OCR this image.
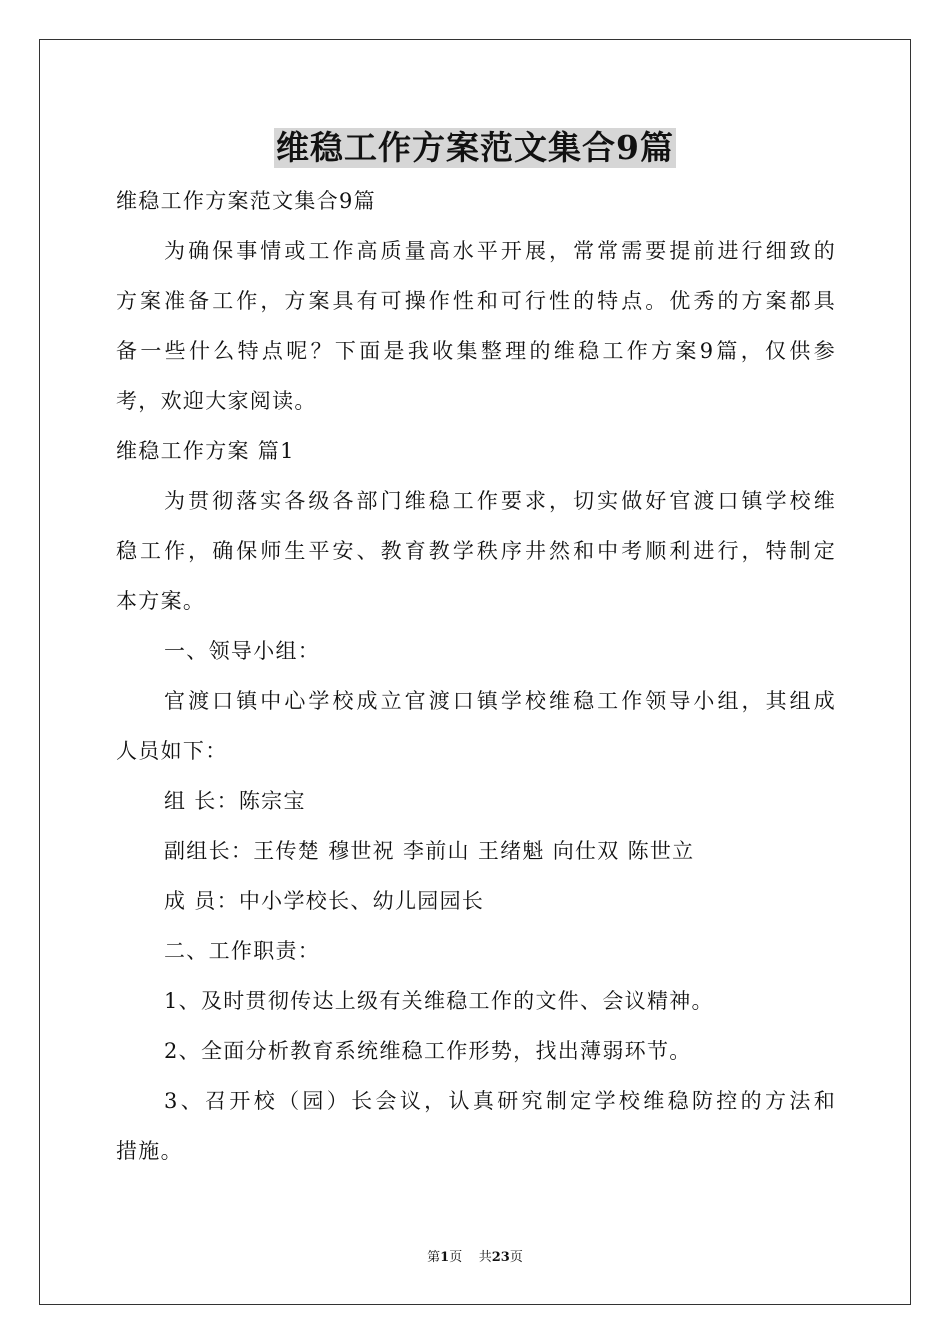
维稳工作方案范文集合9篇
维稳工作方案范文集合9篇
为确保事情或工作高质量高水平开展，常常需要提前进行细致的
方案准备工作，方案具有可操作性和可行性的特点。优秀的方案都具
备一些什么特点呢？下面是我收集整理的维稳工作方案9篇，仅供参
考，欢迎大家阅读。
维稳工作方案 篇1
为贯彻落实各级各部门维稳工作要求，切实做好官渡口镇学校维
稳工作，确保师生平安、教育教学秩序井然和中考顺利进行，特制定
本方案。
一、领导小组：
官渡口镇中心学校成立官渡口镇学校维稳工作领导小组，其组成
人员如下：
组 长：陈宗宝
副组长：王传楚 穆世祝 李前山 王绪魁 向仕双 陈世立
成 员：中小学校长、幼儿园园长
二、工作职责：
1、及时贯彻传达上级有关维稳工作的文件、会议精神。
2、全面分析教育系统维稳工作形势，找出薄弱环节。
3、召开校（园）长会议，认真研究制定学校维稳防控的方法和
措施。
第1页    共23页
